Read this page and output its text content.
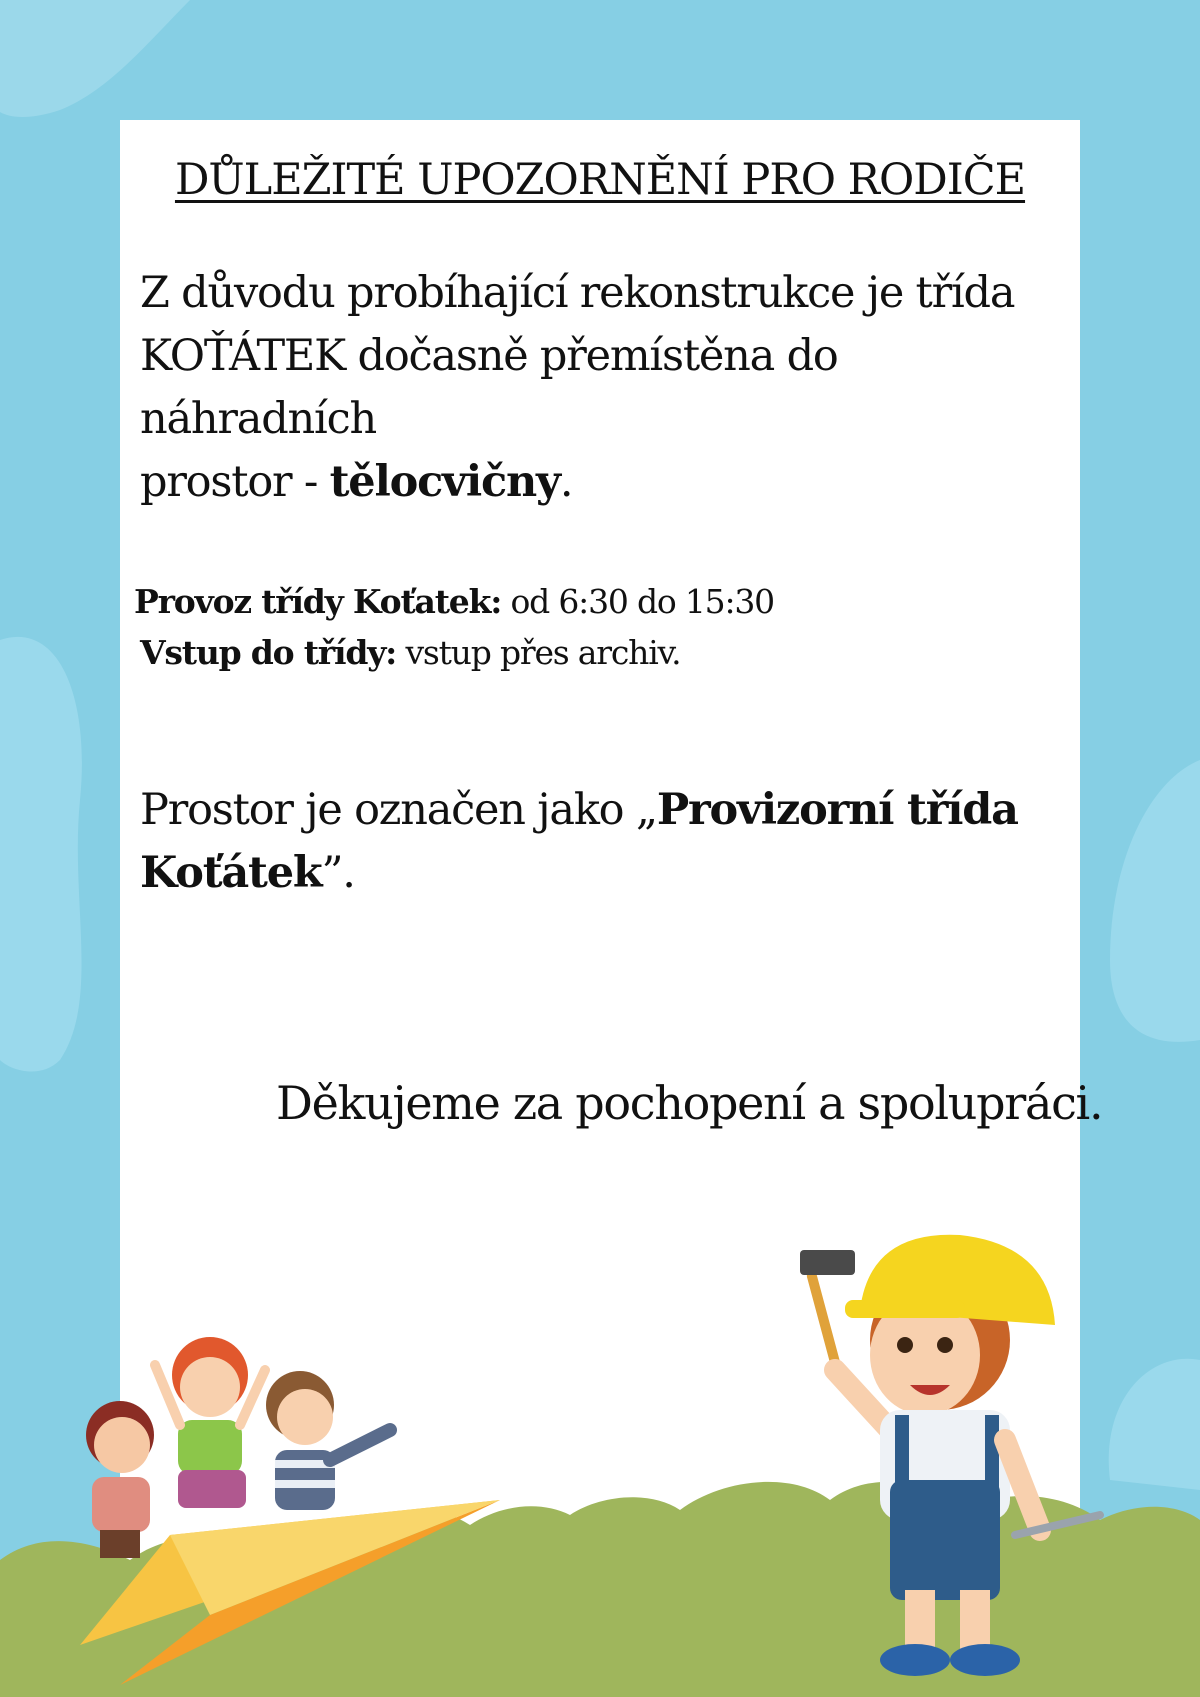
DŮLEŽITÉ UPOZORNĚNÍ PRO RODIČE
Z důvodu probíhající rekonstrukce je třída
KOŤÁTEK dočasně přemístěna do náhradních
prostor - tělocvičny.
Provoz třídy Koťatek: od 6:30 do 15:30
Vstup do třídy: vstup přes archiv.
Prostor je označen jako „Provizorní třída
Koťátek”.
Děkujeme za pochopení a spolupráci.
